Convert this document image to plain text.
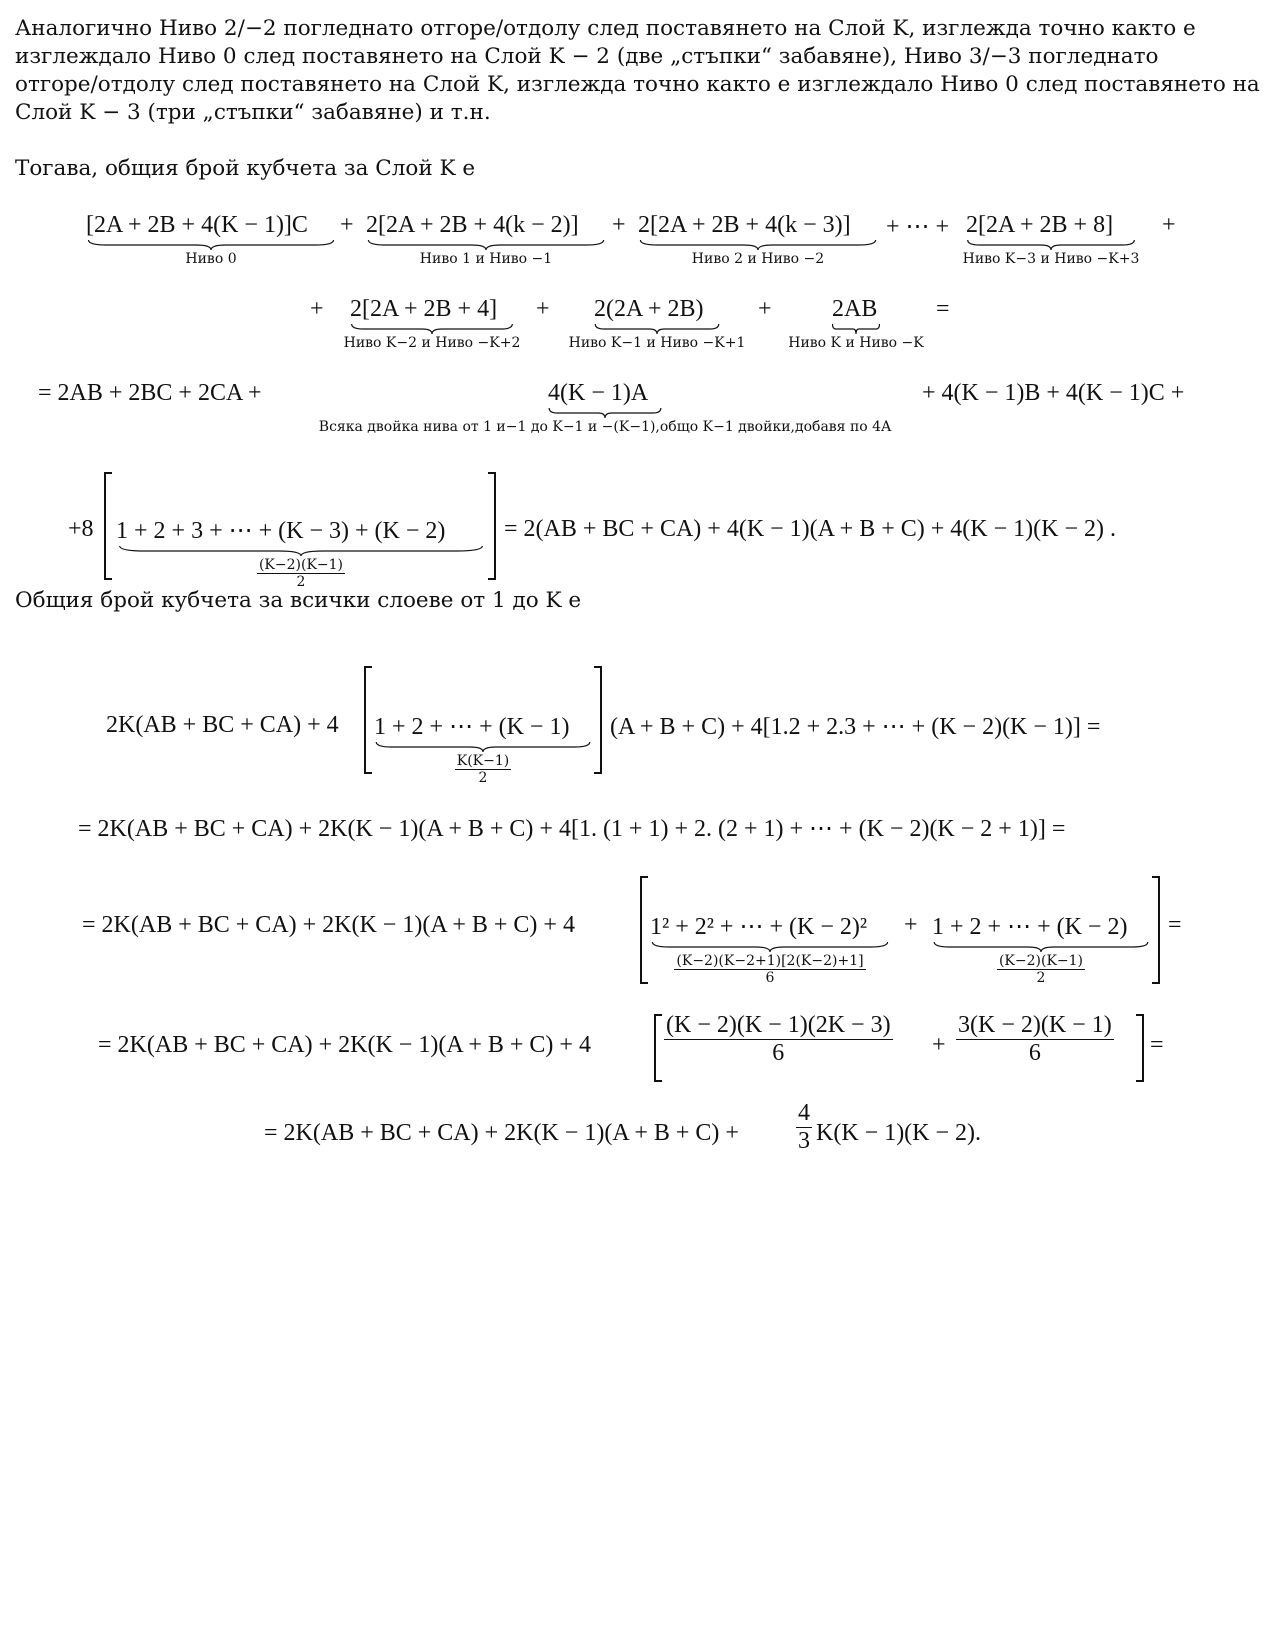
Аналогично Ниво 2/−2 погледнато отгоре/отдолу след поставянето на Слой K, изглежда точно както е
изглеждало Ниво 0 след поставянето на Слой K − 2 (две „стъпки“ забавяне), Ниво 3/−3 погледнато
отгоре/отдолу след поставянето на Слой K, изглежда точно както е изглеждало Ниво 0 след поставянето на
Слой K − 3 (три „стъпки“ забавяне) и т.н.
Тогава, общия брой кубчета за Слой K е
[2A + 2B + 4(K − 1)]C
Ниво 0
+ 2[2A + 2B + 4(k − 2)]
Ниво 1 и Ниво −1
+ 2[2A + 2B + 4(k − 3)]
Ниво 2 и Ниво −2
+ ⋯ + 2[2A + 2B + 8]
Ниво K−3 и Ниво −K+3
+
+ 2[2A + 2B + 4]
Ниво K−2 и Ниво −K+2
+ 2(2A + 2B)
Ниво K−1 и Ниво −K+1
+	2AB
Ниво K и Ниво −K
=
= 2AB + 2BC + 2CA +	4(K − 1)A
Всяка двойка нива от 1 и−1 до K−1 и −(K−1),общо K−1 двойки,добавя по 4A
+ 4(K − 1)B + 4(K − 1)C +
+8 1 + 2 + 3 + ⋯ + (K − 3) + (K − 2)
$\frac{(K-2)(K-1)}{2}$
= 2(AB + BC + CA) + 4(K − 1)(A + B + C) + 4(K − 1)(K − 2) .
Общия брой кубчета за всички слоеве от 1 до K е
2K(AB + BC + CA) + 4 1 + 2 + ⋯ + (K − 1)
$\frac{K(K-1)}{2}$
(A + B + C) + 4[1.2 + 2.3 + ⋯ + (K − 2)(K − 1)] =
= 2K(AB + BC + CA) + 2K(K − 1)(A + B + C) + 4[1. (1 + 1) + 2. (2 + 1) + ⋯ + (K − 2)(K − 2 + 1)] =
= 2K(AB + BC + CA) + 2K(K − 1)(A + B + C) + 4	1² + 2² + ⋯ + (K − 2)²
$\frac{(K-2)(K-2+1)[2(K-2)+1]}{6}$
+ 1 + 2 + ⋯ + (K − 2)
$\frac{(K-2)(K-1)}{2}$
=
= 2K(AB + BC + CA) + 2K(K − 1)(A + B + C) + 4	$\frac{(K - 2)(K - 1)(2K - 3)}{6} + \frac{3(K - 2)(K - 1)}{6}$ =
= 2K(AB + BC + $CA) + 2K(K - 1)(A + B + C) + \frac{4}{3} K(K - 1)(K - 2)$.
